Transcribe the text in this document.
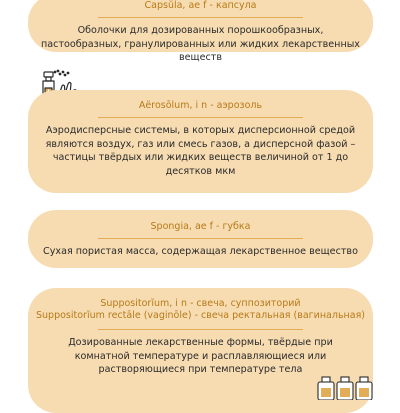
Capsŭla, ae f - капсула
Оболочки для дозированных порошкообразных, пастообразных, гранулированных или жидких лекарственных веществ
Aёrosōlum, i n - аэрозоль
Аэродисперсные системы, в которых дисперсионной средой являются воздух, газ или смесь газов, а дисперсной фазой – частицы твёрдых или жидких веществ величиной от 1 до десятков мкм
Spongia, ae f - губка
Сухая пористая масса, содержащая лекарственное вещество
Suppositorĭum, i n - свеча, суппозиторий
Suppositorĭum rectāle (vaginōle) - свеча ректальная (вагинальная)
Дозированные лекарственные формы, твёрдые при комнатной температуре и расплавляющиеся или растворяющиеся при температуре тела
